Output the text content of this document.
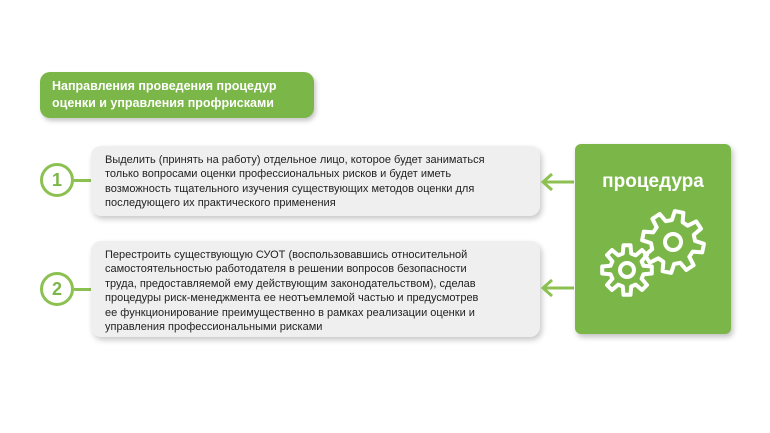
Направления проведения процедур
оценки и управления профрисками
1
Выделить (принять на работу) отдельное лицо, которое будет заниматься
только вопросами оценки профессиональных рисков и будет иметь
возможность тщательного изучения существующих методов оценки для
последующего их практического применения
2
Перестроить существующую СУОТ (воспользовавшись относительной
самостоятельностью работодателя в решении вопросов безопасности
труда, предоставляемой ему действующим законодательством), сделав
процедуры риск-менеджмента ее неотъемлемой частью и предусмотрев
ее функционирование преимущественно в рамках реализации оценки и
управления профессиональными рисками
процедура
